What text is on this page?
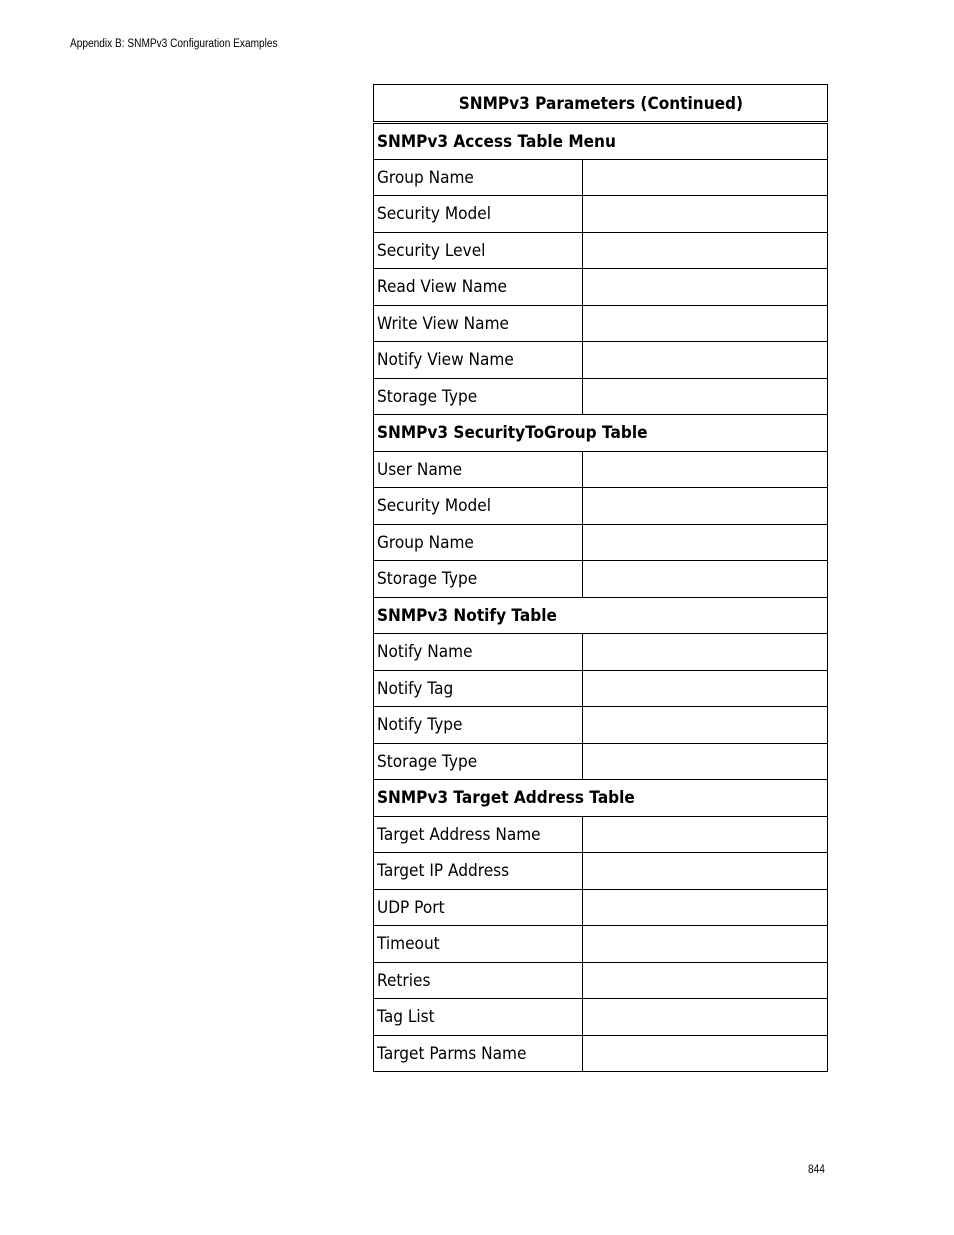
Appendix B: SNMPv3 Configuration Examples
SNMPv3 Parameters (Continued)	
SNMPv3 Access Table Menu	
Group Name	
Security Model	
Security Level	
Read View Name	
Write View Name	
Notify View Name	
Storage Type	
SNMPv3 SecurityToGroup Table	
User Name	
Security Model	
Group Name	
Storage Type	
SNMPv3 Notify Table	
Notify Name	
Notify Tag	
Notify Type	
Storage Type	
SNMPv3 Target Address Table	
Target Address Name	
Target IP Address	
UDP Port	
Timeout	
Retries	
Tag List	
Target Parms Name	
844
